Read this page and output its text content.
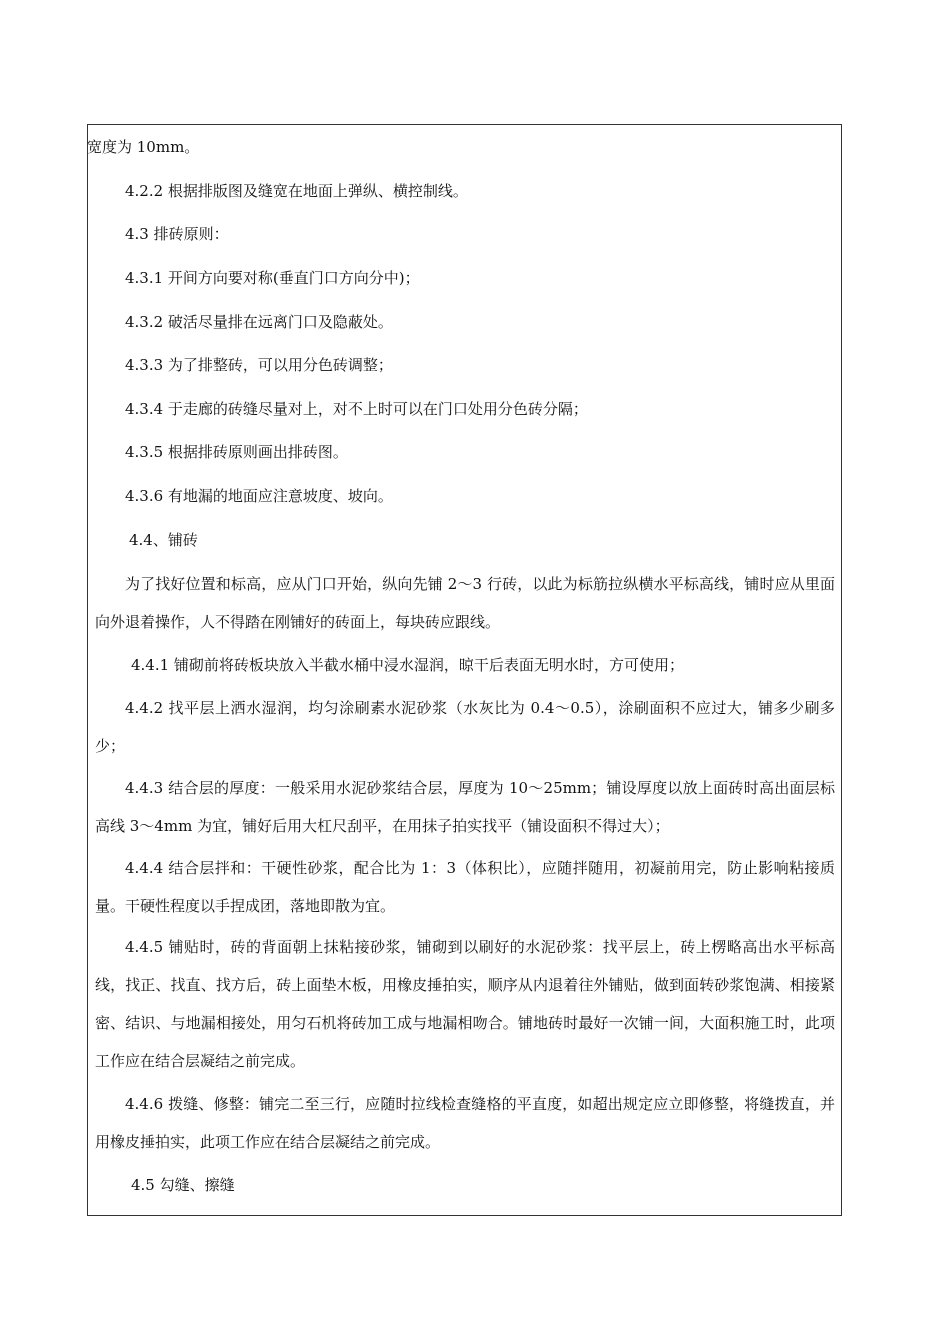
宽度为 10mm。

4.2.2 根据排版图及缝宽在地面上弹纵、横控制线。

4.3 排砖原则：

4.3.1 开间方向要对称(垂直门口方向分中)；

4.3.2 破活尽量排在远离门口及隐蔽处。

4.3.3 为了排整砖，可以用分色砖调整；

4.3.4 于走廊的砖缝尽量对上，对不上时可以在门口处用分色砖分隔；

4.3.5 根据排砖原则画出排砖图。

4.3.6 有地漏的地面应注意坡度、坡向。

4.4、铺砖

为了找好位置和标高，应从门口开始，纵向先铺 2～3 行砖，以此为标筋拉纵横水平标高线，铺时应从里面向外退着操作，人不得踏在刚铺好的砖面上，每块砖应跟线。

4.4.1 铺砌前将砖板块放入半截水桶中浸水湿润，晾干后表面无明水时，方可使用；

4.4.2 找平层上洒水湿润，均匀涂刷素水泥砂浆（水灰比为 0.4～0.5），涂刷面积不应过大，铺多少刷多少；

4.4.3 结合层的厚度：一般采用水泥砂浆结合层，厚度为 10～25mm；铺设厚度以放上面砖时高出面层标高线 3～4mm 为宜，铺好后用大杠尺刮平，在用抹子拍实找平（铺设面积不得过大）；

4.4.4 结合层拌和：干硬性砂浆，配合比为 1：3（体积比），应随拌随用，初凝前用完，防止影响粘接质量。干硬性程度以手捏成团，落地即散为宜。

4.4.5 铺贴时，砖的背面朝上抹粘接砂浆，铺砌到以刷好的水泥砂浆：找平层上，砖上楞略高出水平标高线，找正、找直、找方后，砖上面垫木板，用橡皮捶拍实，顺序从内退着往外铺贴，做到面转砂浆饱满、相接紧密、结识、与地漏相接处，用匀石机将砖加工成与地漏相吻合。铺地砖时最好一次铺一间，大面积施工时，此项工作应在结合层凝结之前完成。

4.4.6 拨缝、修整：铺完二至三行，应随时拉线检查缝格的平直度，如超出规定应立即修整，将缝拨直，并用橡皮捶拍实，此项工作应在结合层凝结之前完成。

4.5 勾缝、擦缝
